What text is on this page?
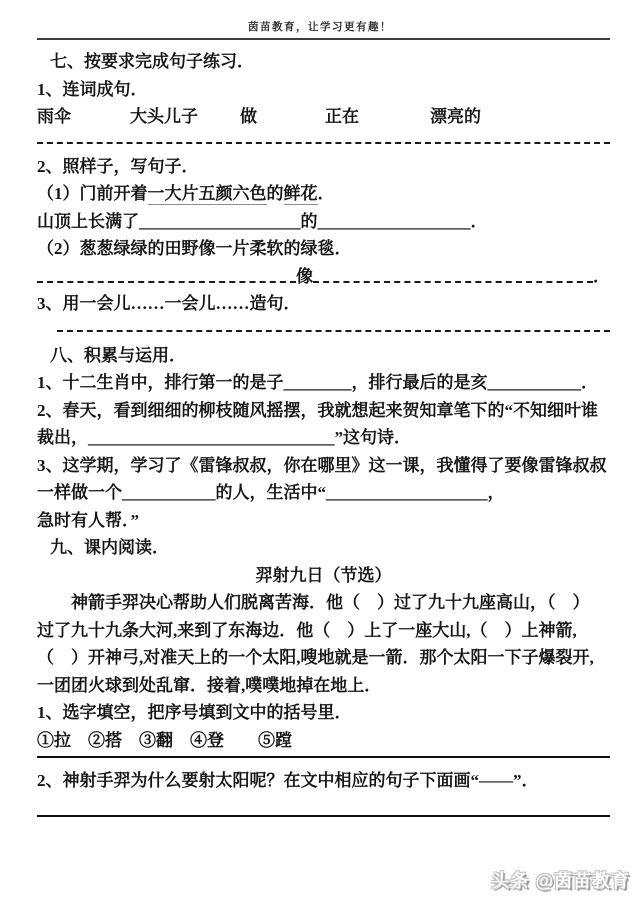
茵苗教育，让学习更有趣！
七、按要求完成句子练习．
1、连词成句．
雨伞	大头儿子 做	正在	漂亮的
2、照样子，写句子．
（1）门前开着一大片五颜六色的鲜花．
山顶上长满了___________________的__________________．
（2）葱葱绿绿的田野像一片柔软的绿毯．
像	．
3、用一会儿……一会儿……造句．
八、积累与运用．
1、十二生肖中，排行第一的是子________，排行最后的是亥___________．
2、春天，看到细细的柳枝随风摇摆，我就想起来贺知章笔下的“不知细叶谁
裁出，_____________________________”这句诗．
3、这学期，学习了《雷锋叔叔，你在哪里》这一课，我懂得了要像雷锋叔叔
一样做一个___________的人，生活中“___________________，
急时有人帮．”
九、课内阅读．
羿射九日（节选）
神箭手羿决心帮助人们脱离苦海．他（　）过了九十九座高山，（　）
过了九十九条大河,来到了东海边．他（　）上了一座大山,（　）上神箭,
（　）开神弓,对准天上的一个太阳,嗖地就是一箭．那个太阳一下子爆裂开,
一团团火球到处乱窜．接着,噗噗地掉在地上．
1、选字填空，把序号填到文中的括号里．
①拉　②搭　③翻　④登　　⑤蹚
2、神射手羿为什么要射太阳呢？在文中相应的句子下面画“——”．
头条 @茵苗教育
